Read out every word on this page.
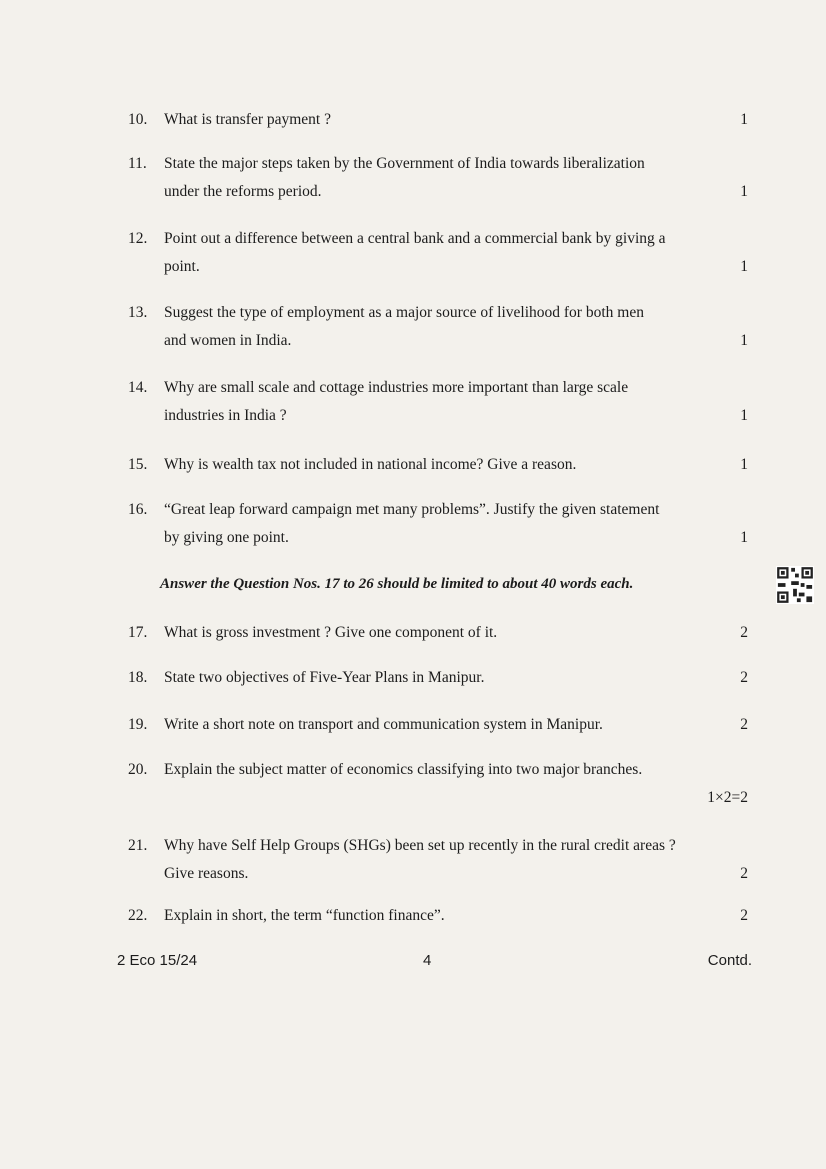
10.	What is transfer payment ?	1
11.	State the major steps taken by the Government of India towards liberalization
under the reforms period.	1
12.	Point out a difference between a central bank and a commercial bank by giving a
point.	1
13.	Suggest the type of employment as a major source of livelihood for both men
and women in India.	1
14.	Why are small scale and cottage industries more important than large scale
industries in India ?	1
15.	Why is wealth tax not included in national income? Give a reason.	1
16.	“Great leap forward campaign met many problems”. Justify the given statement
by giving one point.	1
Answer the Question Nos. 17 to 26 should be limited to about 40 words each.
17.	What is gross investment ? Give one component of it.	2
18.	State two objectives of Five-Year Plans in Manipur.	2
19.	Write a short note on transport and communication system in Manipur.	2
20.	Explain the subject matter of economics classifying into two major branches.
1×2=2
21.	Why have Self Help Groups (SHGs) been set up recently in the rural credit areas ?
Give reasons.	2
22.	Explain in short, the term “function finance”.	2
2 Eco 15/24	4	Contd.
